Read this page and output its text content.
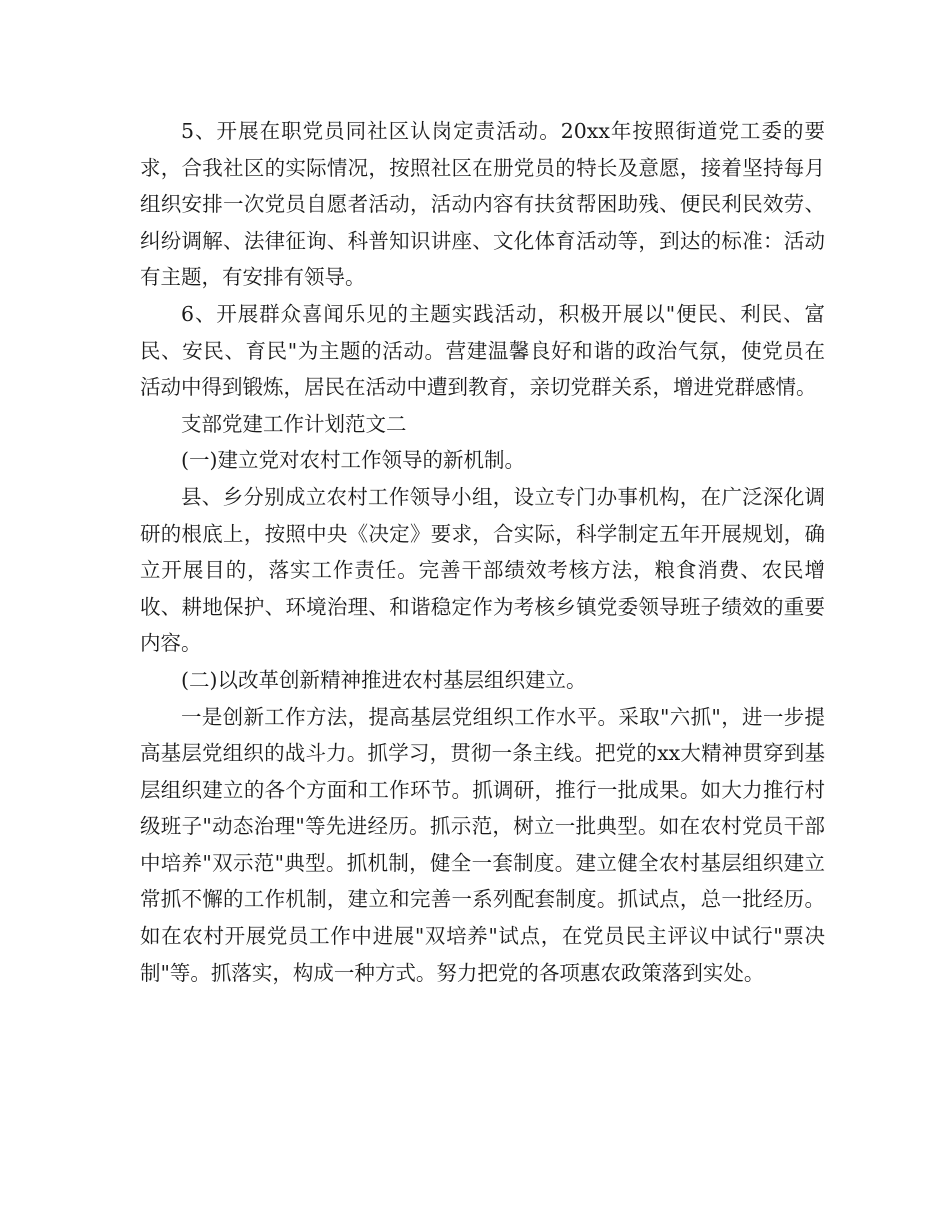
5、开展在职党员同社区认岗定责活动。20xx年按照街道党工委的要求，合我社区的实际情况，按照社区在册党员的特长及意愿，接着坚持每月组织安排一次党员自愿者活动，活动内容有扶贫帮困助残、便民利民效劳、纠纷调解、法律征询、科普知识讲座、文化体育活动等，到达的标准：活动有主题，有安排有领导。

6、开展群众喜闻乐见的主题实践活动，积极开展以"便民、利民、富民、安民、育民"为主题的活动。营建温馨良好和谐的政治气氛，使党员在活动中得到锻炼，居民在活动中遭到教育，亲切党群关系，增进党群感情。

支部党建工作计划范文二

(一)建立党对农村工作领导的新机制。

县、乡分别成立农村工作领导小组，设立专门办事机构，在广泛深化调研的根底上，按照中央《决定》要求，合实际，科学制定五年开展规划，确立开展目的，落实工作责任。完善干部绩效考核方法，粮食消费、农民增收、耕地保护、环境治理、和谐稳定作为考核乡镇党委领导班子绩效的重要内容。

(二)以改革创新精神推进农村基层组织建立。

一是创新工作方法，提高基层党组织工作水平。采取"六抓"，进一步提高基层党组织的战斗力。抓学习，贯彻一条主线。把党的xx大精神贯穿到基层组织建立的各个方面和工作环节。抓调研，推行一批成果。如大力推行村级班子"动态治理"等先进经历。抓示范，树立一批典型。如在农村党员干部中培养"双示范"典型。抓机制，健全一套制度。建立健全农村基层组织建立常抓不懈的工作机制，建立和完善一系列配套制度。抓试点，总一批经历。如在农村开展党员工作中进展"双培养"试点，在党员民主评议中试行"票决制"等。抓落实，构成一种方式。努力把党的各项惠农政策落到实处。
